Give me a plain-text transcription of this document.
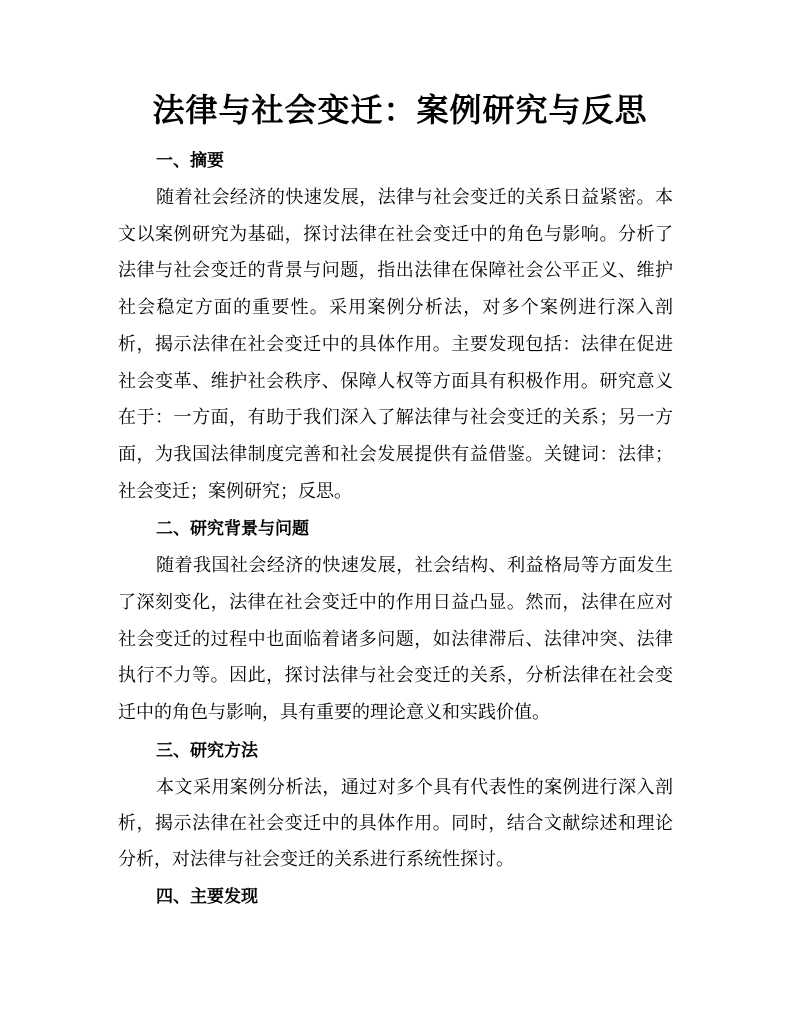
法律与社会变迁：案例研究与反思
一、摘要

随着社会经济的快速发展，法律与社会变迁的关系日益紧密。本文以案例研究为基础，探讨法律在社会变迁中的角色与影响。分析了法律与社会变迁的背景与问题，指出法律在保障社会公平正义、维护社会稳定方面的重要性。采用案例分析法，对多个案例进行深入剖析，揭示法律在社会变迁中的具体作用。主要发现包括：法律在促进社会变革、维护社会秩序、保障人权等方面具有积极作用。研究意义在于：一方面，有助于我们深入了解法律与社会变迁的关系；另一方面，为我国法律制度完善和社会发展提供有益借鉴。关键词：法律；社会变迁；案例研究；反思。

二、研究背景与问题

随着我国社会经济的快速发展，社会结构、利益格局等方面发生了深刻变化，法律在社会变迁中的作用日益凸显。然而，法律在应对社会变迁的过程中也面临着诸多问题，如法律滞后、法律冲突、法律执行不力等。因此，探讨法律与社会变迁的关系，分析法律在社会变迁中的角色与影响，具有重要的理论意义和实践价值。

三、研究方法

本文采用案例分析法，通过对多个具有代表性的案例进行深入剖析，揭示法律在社会变迁中的具体作用。同时，结合文献综述和理论分析，对法律与社会变迁的关系进行系统性探讨。

四、主要发现
